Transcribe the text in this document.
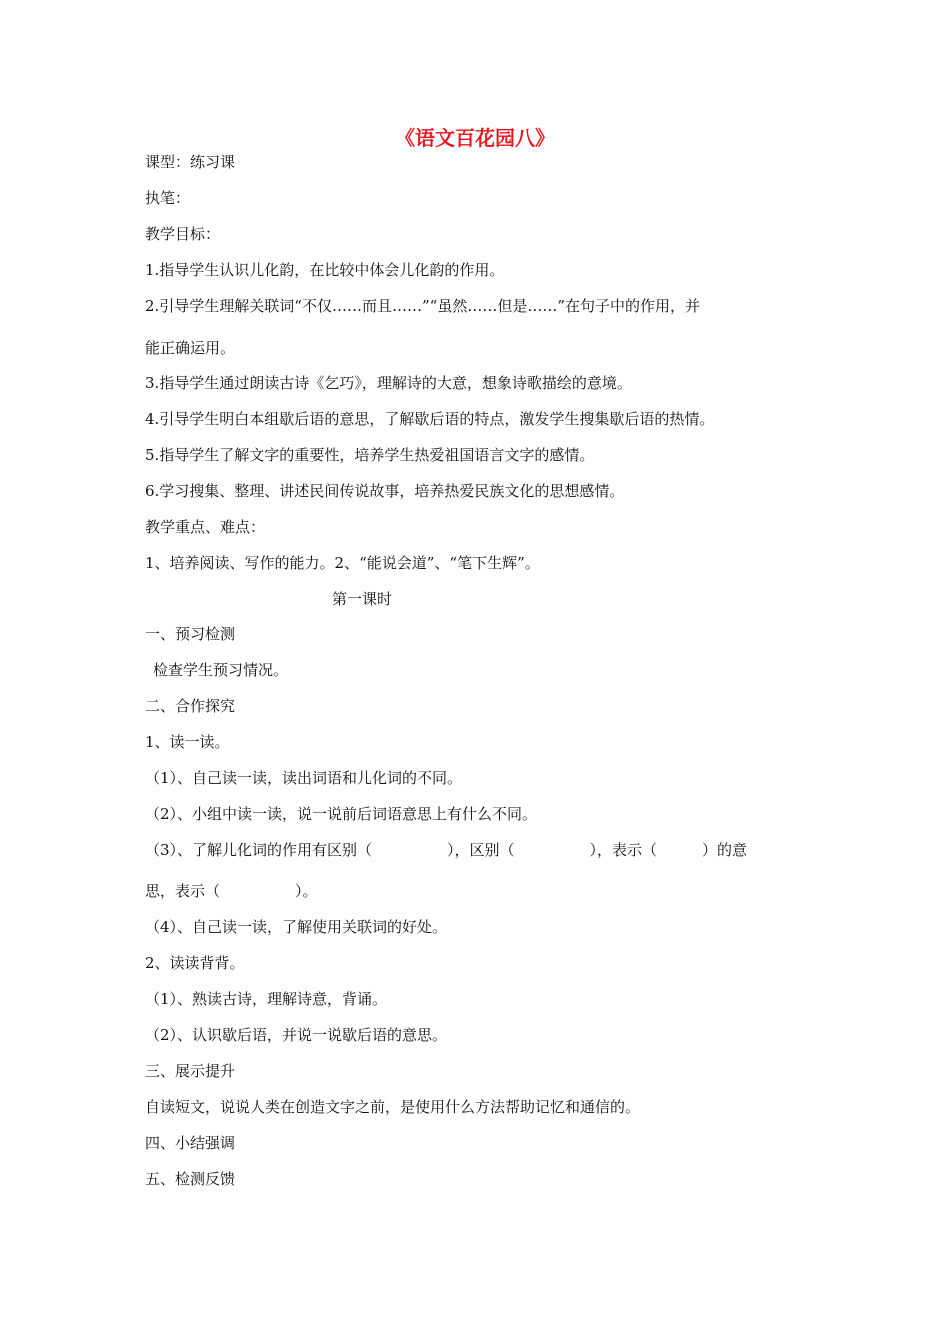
《语文百花园八》
课型：练习课
执笔：
教学目标：
1.指导学生认识儿化韵，在比较中体会儿化韵的作用。
2.引导学生理解关联词“不仅……而且……”“虽然……但是……”在句子中的作用，并
能正确运用。
3.指导学生通过朗读古诗《乞巧》，理解诗的大意，想象诗歌描绘的意境。
4.引导学生明白本组歇后语的意思，了解歇后语的特点，激发学生搜集歇后语的热情。
5.指导学生了解文字的重要性，培养学生热爱祖国语言文字的感情。
6.学习搜集、整理、讲述民间传说故事，培养热爱民族文化的思想感情。
教学重点、难点：
1、培养阅读、写作的能力。2、“能说会道”、“笔下生辉”。
第一课时
一、预习检测
检查学生预习情况。
二、合作探究
1、读一读。
（1）、自己读一读，读出词语和儿化词的不同。
（2）、小组中读一读，说一说前后词语意思上有什么不同。
（3）、了解儿化词的作用有区别（　　　　　），区别（　　　　　），表示（　　　）的意
思，表示（　　　　　）。
（4）、自己读一读，了解使用关联词的好处。
2、读读背背。
（1）、熟读古诗，理解诗意，背诵。
（2）、认识歇后语，并说一说歇后语的意思。
三、展示提升
自读短文，说说人类在创造文字之前，是使用什么方法帮助记忆和通信的。
四、小结强调
五、检测反馈
